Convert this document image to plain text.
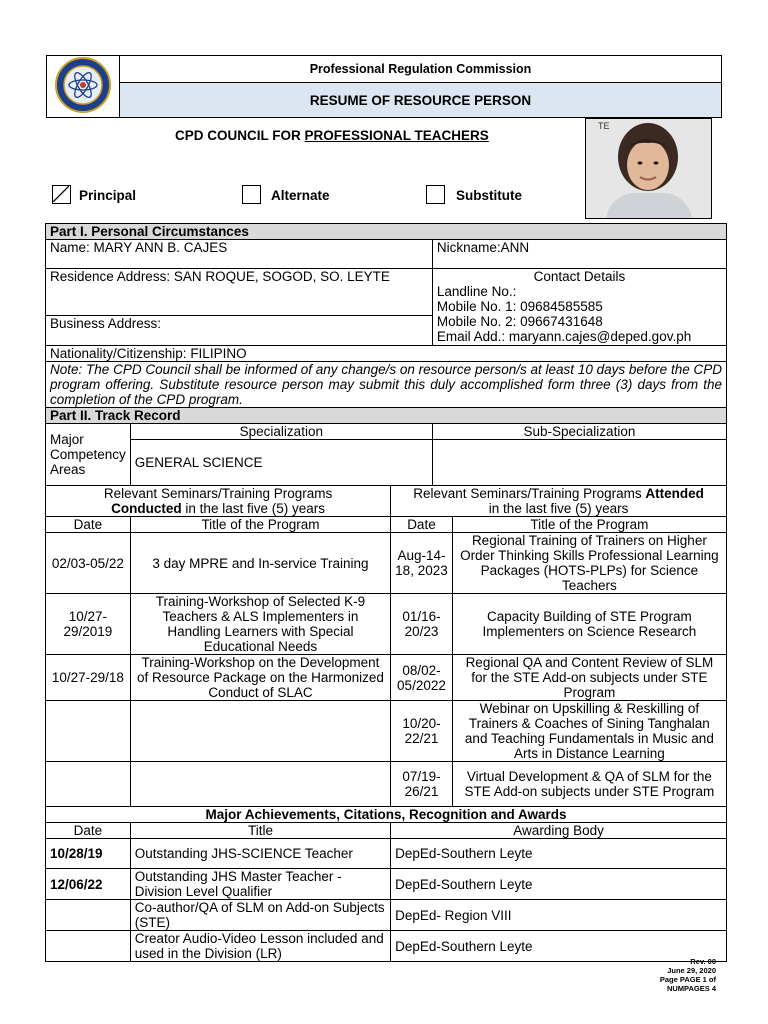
	Professional Regulation Commission
RESUME OF RESOURCE PERSON
CPD COUNCIL FOR PROFESSIONAL TEACHERS
TE
Principal	Alternate	Substitute
Part I. Personal Circumstances				
Name: MARY ANN B. CAJES			Nickname:ANN	
Residence Address: SAN ROQUE, SOGOD, SO. LEYTE			Contact Details
Landline No.:
Mobile No. 1: 09684585585
Mobile No. 2: 09667431648
Email Add.: maryann.cajes@deped.gov.ph	

Business Address:				
Nationality/Citizenship: FILIPINO				
Note: The CPD Council shall be informed of any change/s on resource person/s at least 10 days before the CPD program offering. Substitute resource person may submit this duly accomplished form three (3) days from the completion of the CPD program.				
Part II. Track Record				
Major Competency Areas	Specialization		Sub-Specialization	
	GENERAL SCIENCE			
Relevant Seminars/Training Programs
Conducted in the last five (5) years		Relevant Seminars/Training Programs Attended
in the last five (5) years		
Date	Title of the Program	Date		Title of the Program
02/03-05/22	3 day MPRE and In-service Training	Aug-14-18, 2023		Regional Training of Trainers on Higher Order Thinking Skills Professional Learning Packages (HOTS-PLPs) for Science Teachers
10/27-29/2019	Training-Workshop of Selected K-9 Teachers & ALS Implementers in Handling Learners with Special Educational Needs	01/16-20/23		Capacity Building of STE Program Implementers on Science Research
10/27-29/18	Training-Workshop on the Development of Resource Package on the Harmonized Conduct of SLAC	08/02-05/2022		Regional QA and Content Review of SLM for the STE Add-on subjects under STE Program
		10/20-22/21		Webinar on Upskilling & Reskilling of Trainers & Coaches of Sining Tanghalan and Teaching Fundamentals in Music and Arts in Distance Learning
		07/19-26/21		Virtual Development & QA of SLM for the STE Add-on subjects under STE Program
Major Achievements, Citations, Recognition and Awards				
Date	Title	Awarding Body		
10/28/19	Outstanding JHS-SCIENCE Teacher	DepEd-Southern Leyte		
12/06/22	Outstanding JHS Master Teacher - Division Level Qualifier	DepEd-Southern Leyte		
	Co-author/QA of SLM on Add-on Subjects (STE)	DepEd- Region VIII		
	Creator Audio-Video Lesson included and used in the Division (LR)	DepEd-Southern Leyte		
Rev. 00
June 29, 2020
Page PAGE 1 of
NUMPAGES 4
